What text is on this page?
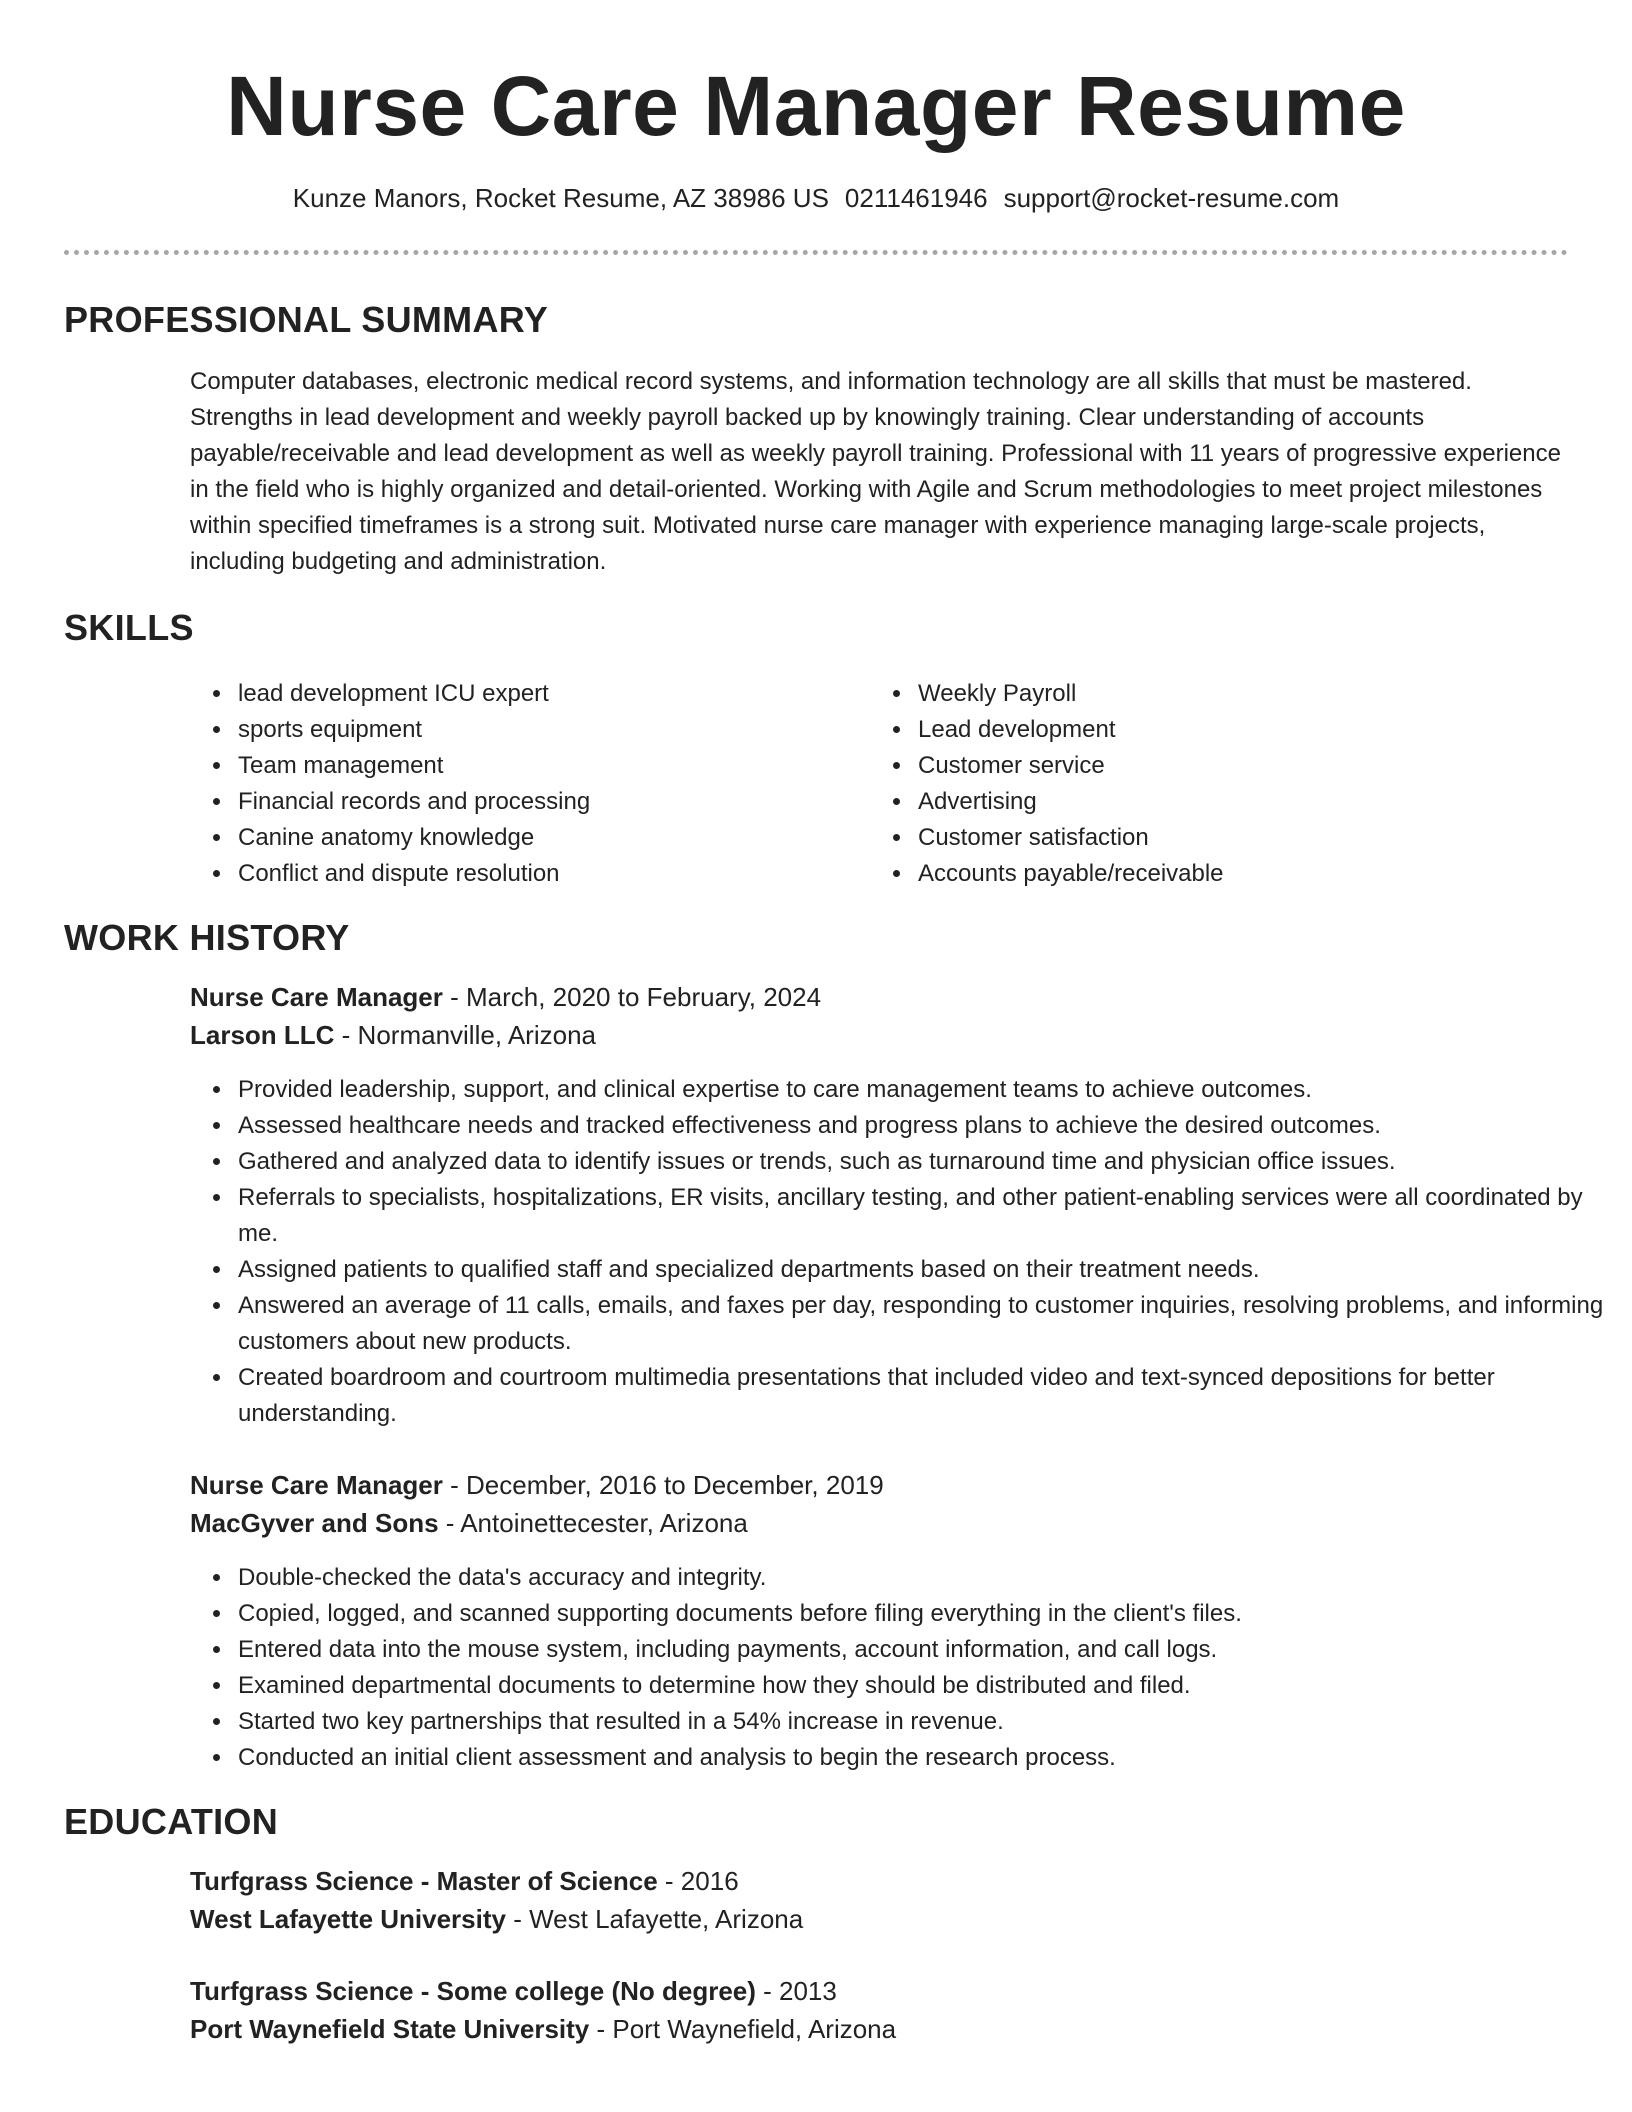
Nurse Care Manager Resume
Kunze Manors, Rocket Resume, AZ 38986 US 0211461946 support@rocket-resume.com
PROFESSIONAL SUMMARY
Computer databases, electronic medical record systems, and information technology are all skills that must be mastered. Strengths in lead development and weekly payroll backed up by knowingly training. Clear understanding of accounts payable/receivable and lead development as well as weekly payroll training. Professional with 11 years of progressive experience in the field who is highly organized and detail-oriented. Working with Agile and Scrum methodologies to meet project milestones within specified timeframes is a strong suit. Motivated nurse care manager with experience managing large-scale projects, including budgeting and administration.
SKILLS
• lead development ICU expert
• sports equipment
• Team management
• Financial records and processing
• Canine anatomy knowledge
• Conflict and dispute resolution
• Weekly Payroll
• Lead development
• Customer service
• Advertising
• Customer satisfaction
• Accounts payable/receivable
WORK HISTORY
Nurse Care Manager - March, 2020 to February, 2024
Larson LLC - Normanville, Arizona
• Provided leadership, support, and clinical expertise to care management teams to achieve outcomes.
• Assessed healthcare needs and tracked effectiveness and progress plans to achieve the desired outcomes.
• Gathered and analyzed data to identify issues or trends, such as turnaround time and physician office issues.
• Referrals to specialists, hospitalizations, ER visits, ancillary testing, and other patient-enabling services were all coordinated by me.
• Assigned patients to qualified staff and specialized departments based on their treatment needs.
• Answered an average of 11 calls, emails, and faxes per day, responding to customer inquiries, resolving problems, and informing customers about new products.
• Created boardroom and courtroom multimedia presentations that included video and text-synced depositions for better understanding.
Nurse Care Manager - December, 2016 to December, 2019
MacGyver and Sons - Antoinettecester, Arizona
• Double-checked the data's accuracy and integrity.
• Copied, logged, and scanned supporting documents before filing everything in the client's files.
• Entered data into the mouse system, including payments, account information, and call logs.
• Examined departmental documents to determine how they should be distributed and filed.
• Started two key partnerships that resulted in a 54% increase in revenue.
• Conducted an initial client assessment and analysis to begin the research process.
EDUCATION
Turfgrass Science - Master of Science - 2016
West Lafayette University - West Lafayette, Arizona
Turfgrass Science - Some college (No degree) - 2013
Port Waynefield State University - Port Waynefield, Arizona
